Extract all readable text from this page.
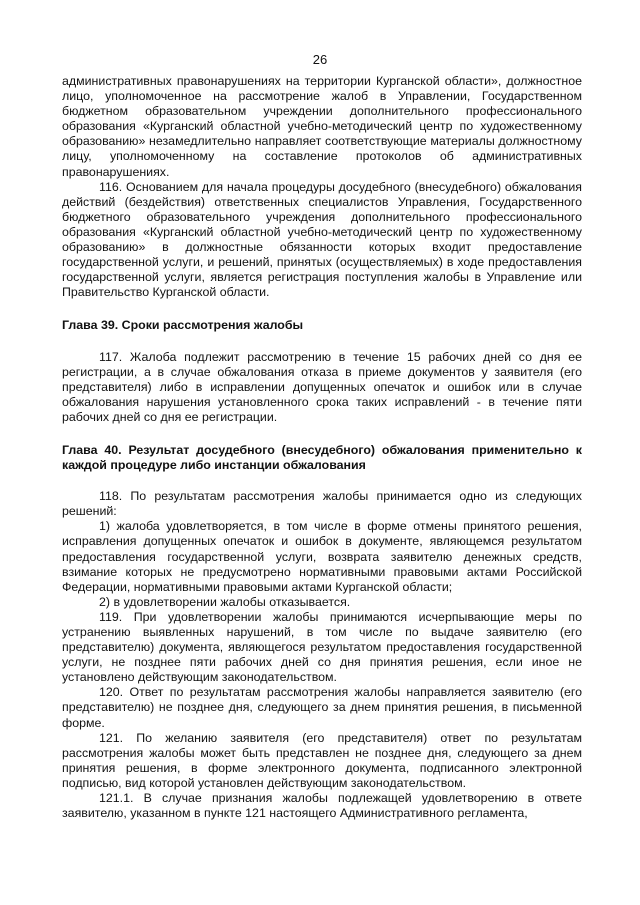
26

административных правонарушениях на территории Курганской области», должностное лицо, уполномоченное на рассмотрение жалоб в Управлении, Государственном бюджетном образовательном учреждении дополнительного профессионального образования «Курганский областной учебно-методический центр по художественному образованию» незамедлительно направляет соответствующие материалы должностному лицу, уполномоченному на составление протоколов об административных правонарушениях.

116. Основанием для начала процедуры досудебного (внесудебного) обжалования действий (бездействия) ответственных специалистов Управления, Государственного бюджетного образовательного учреждения дополнительного профессионального образования «Курганский областной учебно-методический центр по художественному образованию» в должностные обязанности которых входит предоставление государственной услуги, и решений, принятых (осуществляемых) в ходе предоставления государственной услуги, является регистрация поступления жалобы в Управление или Правительство Курганской области.

Глава 39. Сроки рассмотрения жалобы

117. Жалоба подлежит рассмотрению в течение 15 рабочих дней со дня ее регистрации, а в случае обжалования отказа в приеме документов у заявителя (его представителя) либо в исправлении допущенных опечаток и ошибок или в случае обжалования нарушения установленного срока таких исправлений - в течение пяти рабочих дней со дня ее регистрации.

Глава 40. Результат досудебного (внесудебного) обжалования применительно к каждой процедуре либо инстанции обжалования

118. По результатам рассмотрения жалобы принимается одно из следующих решений:

1) жалоба удовлетворяется, в том числе в форме отмены принятого решения, исправления допущенных опечаток и ошибок в документе, являющемся результатом предоставления государственной услуги, возврата заявителю денежных средств, взимание которых не предусмотрено нормативными правовыми актами Российской Федерации, нормативными правовыми актами Курганской области;

2) в удовлетворении жалобы отказывается.

119. При удовлетворении жалобы принимаются исчерпывающие меры по устранению выявленных нарушений, в том числе по выдаче заявителю (его представителю) документа, являющегося результатом предоставления государственной услуги, не позднее пяти рабочих дней со дня принятия решения, если иное не установлено действующим законодательством.

120. Ответ по результатам рассмотрения жалобы направляется заявителю (его представителю) не позднее дня, следующего за днем принятия решения, в письменной форме.

121. По желанию заявителя (его представителя) ответ по результатам рассмотрения жалобы может быть представлен не позднее дня, следующего за днем принятия решения, в форме электронного документа, подписанного электронной подписью, вид которой установлен действующим законодательством.

121.1. В случае признания жалобы подлежащей удовлетворению в ответе заявителю, указанном в пункте 121 настоящего Административного регламента,
